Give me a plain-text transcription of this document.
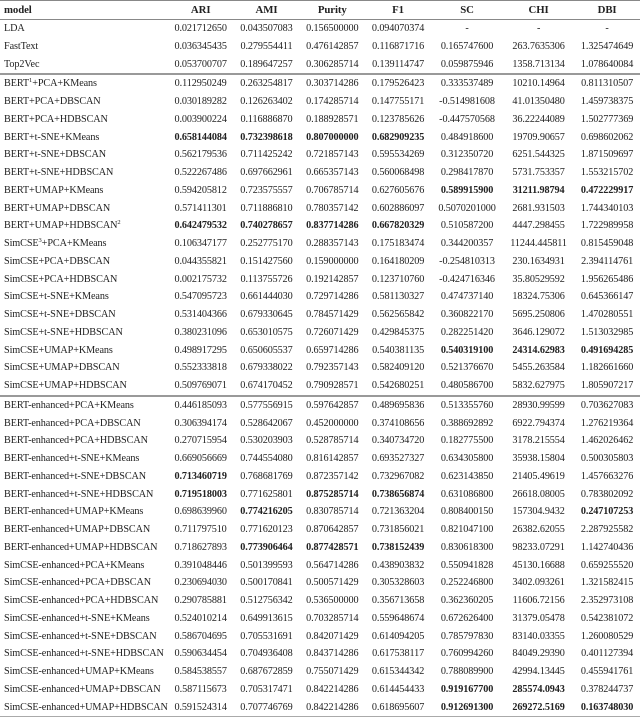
model	ARI	AMI	Purity	F1	SC	CHI	DBI
LDA	0.021712650	0.043507083	0.156500000	0.094070374	-	-	-
FastText	0.036345435	0.279554411	0.476142857	0.116871716	0.165747600	263.7635306	1.325474649
Top2Vec	0.053700707	0.189647257	0.306285714	0.139114747	0.059875946	1358.713134	1.078640084
$BERT^1+PCA+KMeans$	0.112950249	0.263254817	0.303714286	0.179526423	0.333537489	10210.14964	0.811310507
BERT+PCA+DBSCAN	0.030189282	0.126263402	0.174285714	0.147755171	-0.514981608	41.01350480	1.459738375
BERT+PCA+HDBSCAN	0.003900224	0.116886870	0.188928571	0.123785626	-0.447570568	36.22244089	1.502777369
BERT+t-SNE+KMeans	0.658144084	0.732398618	0.807000000	0.682909235	0.484918600	19709.90657	0.698602062
BERT+t-SNE+DBSCAN	0.562179536	0.711425242	0.721857143	0.595534269	0.312350720	6251.544325	1.871509697
BERT+t-SNE+HDBSCAN	0.522267486	0.697662961	0.665357143	0.560068498	0.298417870	5731.753357	1.553215702
BERT+UMAP+KMeans	0.594205812	0.723575557	0.706785714	0.627605676	0.589915900	31211.98794	0.472229917
BERT+UMAP+DBSCAN	0.571411301	0.711886810	0.780357142	0.602886097	0.5070201000	2681.931503	1.744340103
$BERT+UMAP+HDBSCAN^2$	0.642479532	0.740278657	0.837714286	0.667820329	0.510587200	4447.298455	1.722989958
SimCSE$^3$+PCA+KMeans	0.106347177	0.252775170	0.288357143	0.175183474	0.344200357	11244.445811	0.815459048
SimCSE+PCA+DBSCAN	0.044355821	0.151427560	0.159000000	0.164180209	-0.254810313	230.1634931	2.394114761
SimCSE+PCA+HDBSCAN	0.002175732	0.113755726	0.192142857	0.123710760	-0.424716346	35.80529592	1.956265486
SimCSE+t-SNE+KMeans	0.547095723	0.661444030	0.729714286	0.581130327	0.474737140	18324.75306	0.645366147
SimCSE+t-SNE+DBSCAN	0.531404366	0.679330645	0.784571429	0.562565842	0.360822170	5695.250806	1.470280551
SimCSE+t-SNE+HDBSCAN	0.380231096	0.653010575	0.726071429	0.429845375	0.282251420	3646.129072	1.513032985
SimCSE+UMAP+KMeans	0.498917295	0.650605537	0.659714286	0.540381135	0.540319100	24314.62983	0.491694285
SimCSE+UMAP+DBSCAN	0.552333818	0.679338022	0.792357143	0.582409120	0.521376670	5455.263584	1.182661660
SimCSE+UMAP+HDBSCAN	0.509769071	0.674170452	0.790928571	0.542680251	0.480586700	5832.627975	1.805907217
BERT-enhanced+PCA+KMeans	0.446185093	0.577556915	0.597642857	0.489695836	0.513355760	28930.99599	0.703627083
BERT-enhanced+PCA+DBSCAN	0.306394174	0.528642067	0.452000000	0.374108656	0.388692892	6922.794374	1.276219364
BERT-enhanced+PCA+HDBSCAN	0.270715954	0.530203903	0.528785714	0.340734720	0.182775500	3178.215554	1.462026462
BERT-enhanced+t-SNE+KMeans	0.669056669	0.744554080	0.816142857	0.693527327	0.634305800	35938.15804	0.500305803
BERT-enhanced+t-SNE+DBSCAN	0.713460719	0.768681769	0.872357142	0.732967082	0.623143850	21405.49619	1.457663276
BERT-enhanced+t-SNE+HDBSCAN	0.719518003	0.771625801	0.875285714	0.738656874	0.631086800	26618.08005	0.783802092
BERT-enhanced+UMAP+KMeans	0.698639960	0.774216205	0.830785714	0.721363204	0.808400150	157304.9432	0.247107253
BERT-enhanced+UMAP+DBSCAN	0.711797510	0.771620123	0.870642857	0.731856021	0.821047100	26382.62055	2.287925582
BERT-enhanced+UMAP+HDBSCAN	0.718627893	0.773906464	0.877428571	0.738152439	0.830618300	98233.07291	1.142740436
SimCSE-enhanced+PCA+KMeans	0.391048446	0.501399593	0.564714286	0.438903832	0.550941828	45130.16688	0.659255520
SimCSE-enhanced+PCA+DBSCAN	0.230694030	0.500170841	0.500571429	0.305328603	0.252246800	3402.093261	1.321582415
SimCSE-enhanced+PCA+HDBSCAN	0.290785881	0.512756342	0.536500000	0.356713658	0.362360205	11606.72156	2.352973108
SimCSE-enhanced+t-SNE+KMeans	0.524010214	0.649913615	0.703285714	0.559648674	0.672626400	31379.05478	0.542381072
SimCSE-enhanced+t-SNE+DBSCAN	0.586704695	0.705531691	0.842071429	0.614094205	0.785797830	83140.03355	1.260080529
SimCSE-enhanced+t-SNE+HDBSCAN	0.590634454	0.704936408	0.843714286	0.617538117	0.760994260	84049.29390	0.401127394
SimCSE-enhanced+UMAP+KMeans	0.584538557	0.687672859	0.755071429	0.615344342	0.788089900	42994.13445	0.455941761
SimCSE-enhanced+UMAP+DBSCAN	0.587115673	0.705317471	0.842214286	0.614454433	0.919167700	285574.0943	0.378244737
SimCSE-enhanced+UMAP+HDBSCAN	0.591524314	0.707746769	0.842214286	0.618695607	0.912691300	269272.5169	0.163748030
